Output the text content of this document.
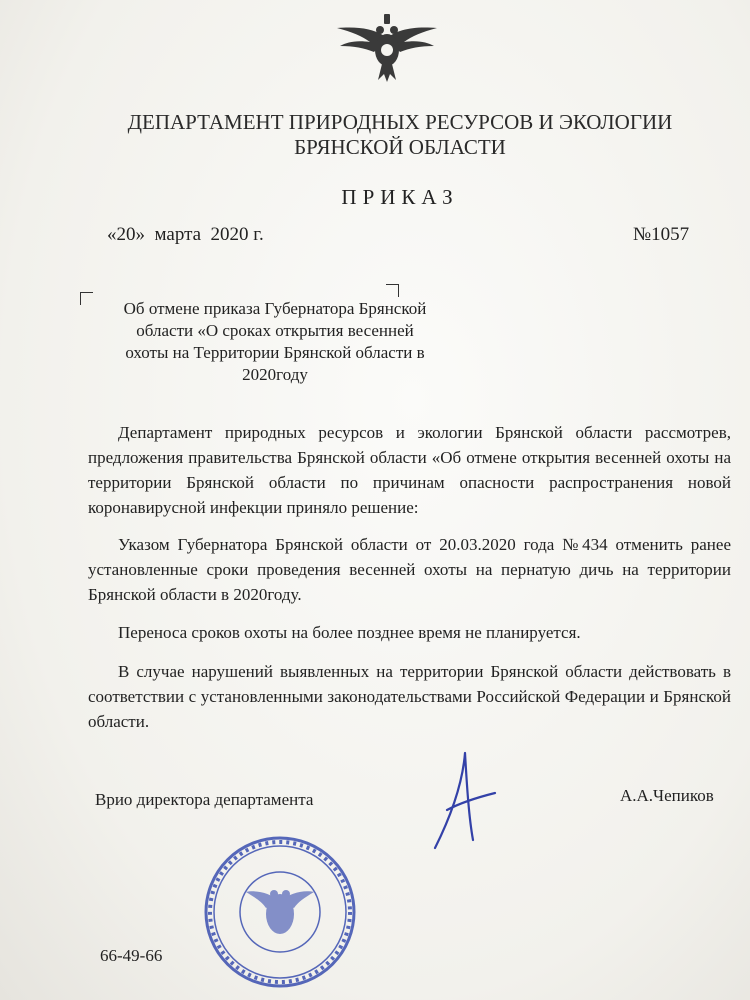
ДЕПАРТАМЕНТ ПРИРОДНЫХ РЕСУРСОВ И ЭКОЛОГИИ
БРЯНСКОЙ ОБЛАСТИ
ПРИКАЗ
«20»  марта  2020 г.	№1057
Об отмене приказа Губернатора Брянской
области «О сроках открытия весенней
охоты на Территории Брянской области в
2020году

Департамент природных ресурсов и экологии Брянской области рассмотрев, предложения правительства Брянской области «Об отмене открытия весенней охоты на территории Брянской области по причинам опасности распространения новой коронавирусной инфекции приняло решение:

Указом Губернатора Брянской области от 20.03.2020 года №434 отменить ранее установленные сроки проведения весенней охоты на пернатую дичь на территории Брянской области в 2020году.

Переноса сроков охоты на более позднее время не планируется.

В случае нарушений выявленных на территории Брянской области действовать в соответствии с установленными законодательствами Российской Федерации и Брянской области.

Врио директора департамента	А.А.Чепиков
66-49-66
